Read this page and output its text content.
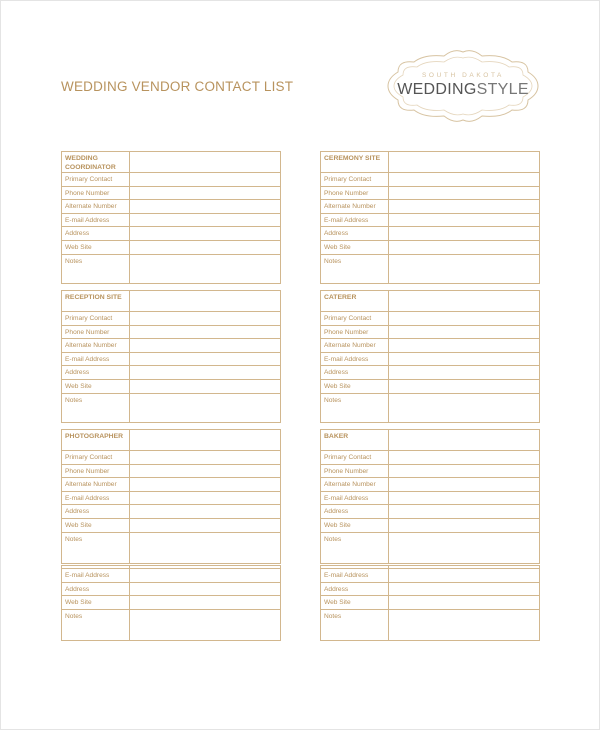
WEDDING VENDOR CONTACT LIST
SOUTH DAKOTA
WEDDINGSTYLE
WEDDING COORDINATOR
Primary Contact
Phone Number
Alternate Number
E-mail Address
Address
Web Site
Notes
CEREMONY SITE
Primary Contact
Phone Number
Alternate Number
E-mail Address
Address
Web Site
Notes
RECEPTION SITE
Primary Contact
Phone Number
Alternate Number
E-mail Address
Address
Web Site
Notes
CATERER
Primary Contact
Phone Number
Alternate Number
E-mail Address
Address
Web Site
Notes
PHOTOGRAPHER
Primary Contact
Phone Number
Alternate Number
E-mail Address
Address
Web Site
Notes
BAKER
Primary Contact
Phone Number
Alternate Number
E-mail Address
Address
Web Site
Notes
E-mail Address
Address
Web Site
Notes
E-mail Address
Address
Web Site
Notes
